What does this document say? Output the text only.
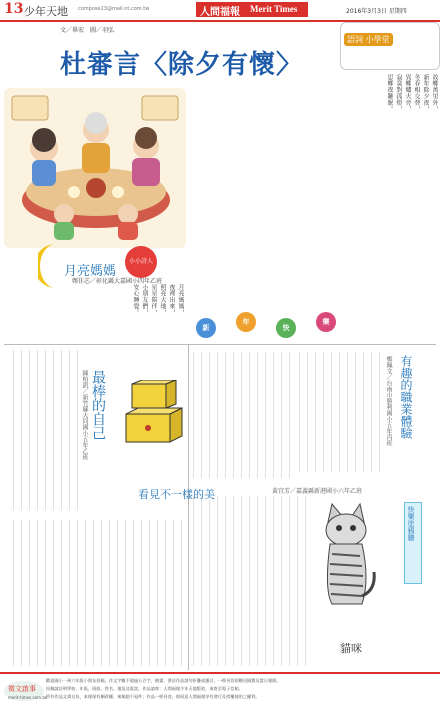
13 少年天地 compose13@mail.nt.com.tw	人間福報 Merit Times	2016年3月3日 星期四
文／畢宏　圖／羽弘
杜審言〈除夕有懷〉
語詞 小學堂
故鄉萬里外，
新年除夕夜，
冬春相交替，
異鄉爐火旁，
寂寞對孤燈，
思鄉夜難眠。
月亮媽媽
小小詩人
鄭佳芯／彰化縣大嘉國小四年乙班
月亮媽媽，
夜裡出來，
照亮大地，
星星陪伴，
小朋友們，
安心睡覺。
新
年
快
樂
有趣的職業體驗
鄭珮文／台南市勝利國小五年丙班
最棒的自己
陳柏凱／新竹縣大同國小五年乙班
看見不一樣的美	黃宜芳／嘉義縣新港國小六年乙班
貓咪
快樂塗鴉牆
徵文啟事
merit-times.com.tw
歡迎國小一到六年級小朋友投稿，作文字數不超過五百字，繪畫、書法作品請勿折疊或護貝，一經刊登即贈送稿費及當日報紙。
投稿請註明學校、年級、班級、姓名、地址及電話，作品請寄：人間福報少年天地版收，或寄至電子信箱。
所有作品文責自負，本報保有刪改權，來稿恕不退件；作品一經刊登，即同意人間福報享有發行及授權使用之權利。
